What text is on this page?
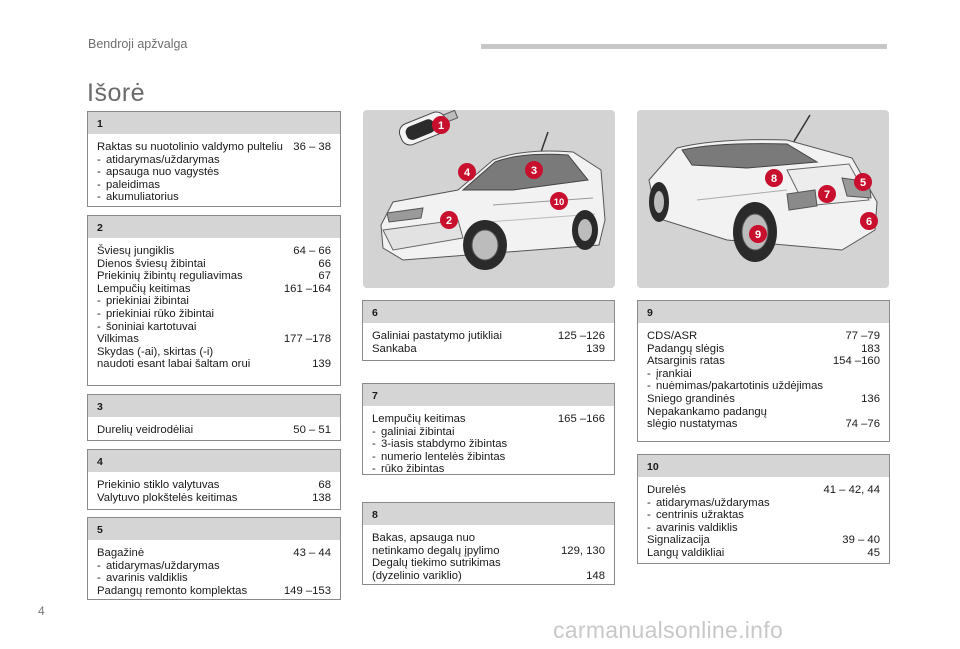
Bendroji apžvalga
Išorė
1
Raktas su nuotolinio valdymo pulteliu 36 – 38
- atidarymas/uždarymas
- apsauga nuo vagystės
- paleidimas
- akumuliatorius
2
Šviesų jungiklis	64 – 66
Dienos šviesų žibintai	66
Priekinių žibintų reguliavimas	67
Lempučių keitimas	161 –164
- priekiniai žibintai
- priekiniai rūko žibintai
- šoniniai kartotuvai
Vilkimas	177 –178
Skydas (-ai), skirtas (-i)
naudoti esant labai šaltam orui	139
3
Durelių veidrodėliai	50 – 51
4
Priekinio stiklo valytuvas	68
Valytuvo plokštelės keitimas	138
5
Bagažinė	43 – 44
- atidarymas/uždarymas
- avarinis valdiklis
Padangų remonto komplektas	149 –153
6
Galiniai pastatymo jutikliai	125 –126
Sankaba	139
7
Lempučių keitimas	165 –166
- galiniai žibintai
- 3-iasis stabdymo žibintas
- numerio lentelės žibintas
- rūko žibintas
8
Bakas, apsauga nuo
netinkamo degalų įpylimo	129, 130
Degalų tiekimo sutrikimas
(dyzelinio variklio)	148
9
CDS/ASR	77 –79
Padangų slėgis	183
Atsarginis ratas	154 –160
- įrankiai
- nuėmimas/pakartotinis uždėjimas
Sniego grandinės	136
Nepakankamo padangų
slėgio nustatymas	74 –76
10
Durelės	41 – 42, 44
- atidarymas/uždarymas
- centrinis užraktas
- avarinis valdiklis
Signalizacija	39 – 40
Langų valdikliai	45
1
4	3
10
2
8	5
7
6
9
4
carmanualsonline.info
